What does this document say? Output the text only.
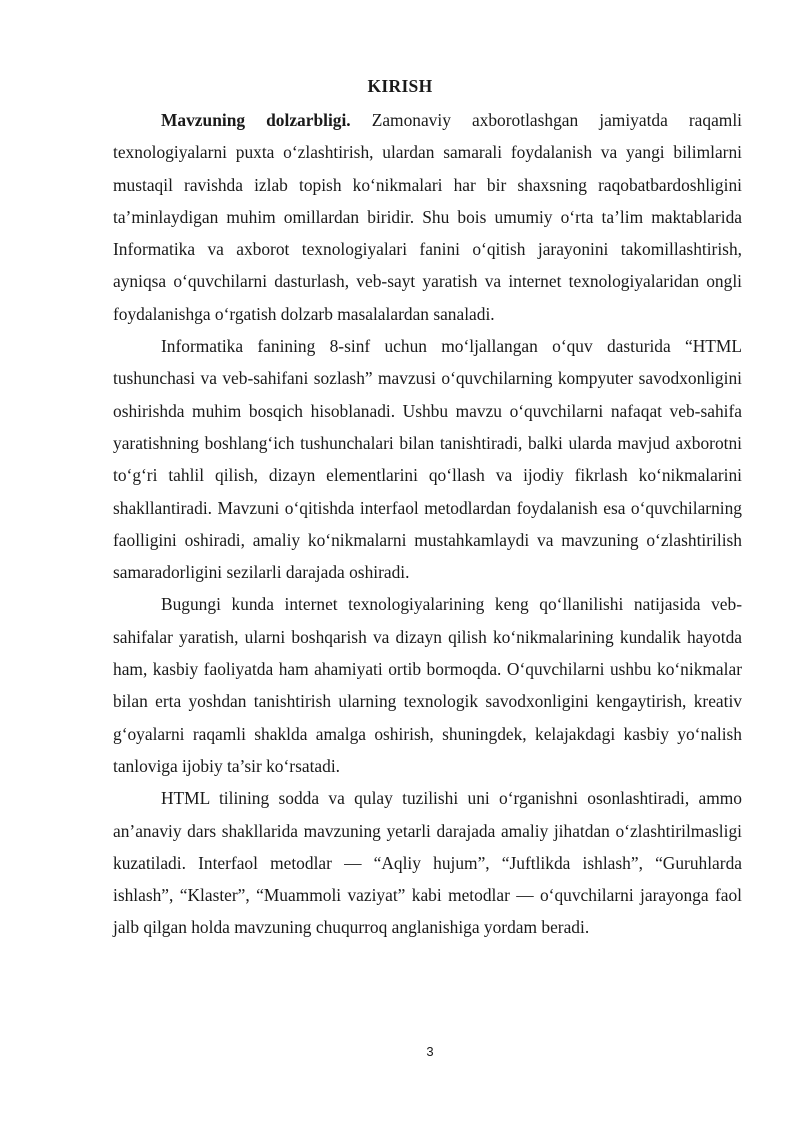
KIRISH

Mavzuning dolzarbligi. Zamonaviy axborotlashgan jamiyatda raqamli texnologiyalarni puxta o‘zlashtirish, ulardan samarali foydalanish va yangi bilimlarni mustaqil ravishda izlab topish ko‘nikmalari har bir shaxsning raqobatbardoshligini ta’minlaydigan muhim omillardan biridir. Shu bois umumiy o‘rta ta’lim maktablarida Informatika va axborot texnologiyalari fanini o‘qitish jarayonini takomillashtirish, ayniqsa o‘quvchilarni dasturlash, veb-sayt yaratish va internet texnologiyalaridan ongli foydalanishga o‘rgatish dolzarb masalalardan sanaladi.

Informatika fanining 8-sinf uchun mo‘ljallangan o‘quv dasturida “HTML tushunchasi va veb-sahifani sozlash” mavzusi o‘quvchilarning kompyuter savodxonligini oshirishda muhim bosqich hisoblanadi. Ushbu mavzu o‘quvchilarni nafaqat veb-sahifa yaratishning boshlang‘ich tushunchalari bilan tanishtiradi, balki ularda mavjud axborotni to‘g‘ri tahlil qilish, dizayn elementlarini qo‘llash va ijodiy fikrlash ko‘nikmalarini shakllantiradi. Mavzuni o‘qitishda interfaol metodlardan foydalanish esa o‘quvchilarning faolligini oshiradi, amaliy ko‘nikmalarni mustahkamlaydi va mavzuning o‘zlashtirilish samaradorligini sezilarli darajada oshiradi.

Bugungi kunda internet texnologiyalarining keng qo‘llanilishi natijasida veb-sahifalar yaratish, ularni boshqarish va dizayn qilish ko‘nikmalarining kundalik hayotda ham, kasbiy faoliyatda ham ahamiyati ortib bormoqda. O‘quvchilarni ushbu ko‘nikmalar bilan erta yoshdan tanishtirish ularning texnologik savodxonligini kengaytirish, kreativ g‘oyalarni raqamli shaklda amalga oshirish, shuningdek, kelajakdagi kasbiy yo‘nalish tanloviga ijobiy ta’sir ko‘rsatadi.

HTML tilining sodda va qulay tuzilishi uni o‘rganishni osonlashtiradi, ammo an’anaviy dars shakllarida mavzuning yetarli darajada amaliy jihatdan o‘zlashtirilmasligi kuzatiladi. Interfaol metodlar — “Aqliy hujum”, “Juftlikda ishlash”, “Guruhlarda ishlash”, “Klaster”, “Muammoli vaziyat” kabi metodlar — o‘quvchilarni jarayonga faol jalb qilgan holda mavzuning chuqurroq anglanishiga yordam beradi.

3
